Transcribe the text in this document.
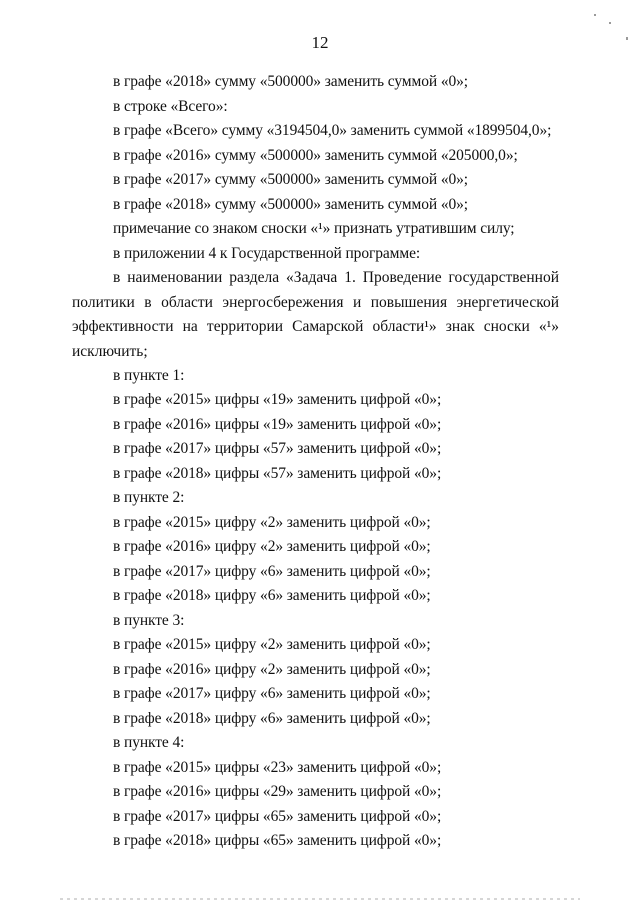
12
в графе «2018» сумму «500000» заменить суммой «0»;
в строке «Всего»:
в графе «Всего» сумму «3194504,0» заменить суммой «1899504,0»;
в графе «2016» сумму «500000» заменить суммой «205000,0»;
в графе «2017» сумму «500000» заменить суммой «0»;
в графе «2018» сумму «500000» заменить суммой «0»;
примечание со знаком сноски «¹» признать утратившим силу;
в приложении 4 к Государственной программе:
в наименовании раздела «Задача 1. Проведение государственной
политики в области энергосбережения и повышения энергетической
эффективности на территории Самарской области¹» знак сноски «¹»
исключить;
в пункте 1:
в графе «2015» цифры «19» заменить цифрой «0»;
в графе «2016» цифры «19» заменить цифрой «0»;
в графе «2017» цифры «57» заменить цифрой «0»;
в графе «2018» цифры «57» заменить цифрой «0»;
в пункте 2:
в графе «2015» цифру «2» заменить цифрой «0»;
в графе «2016» цифру «2» заменить цифрой «0»;
в графе «2017» цифру «6» заменить цифрой «0»;
в графе «2018» цифру «6» заменить цифрой «0»;
в пункте 3:
в графе «2015» цифру «2» заменить цифрой «0»;
в графе «2016» цифру «2» заменить цифрой «0»;
в графе «2017» цифру «6» заменить цифрой «0»;
в графе «2018» цифру «6» заменить цифрой «0»;
в пункте 4:
в графе «2015» цифры «23» заменить цифрой «0»;
в графе «2016» цифры «29» заменить цифрой «0»;
в графе «2017» цифры «65» заменить цифрой «0»;
в графе «2018» цифры «65» заменить цифрой «0»;
